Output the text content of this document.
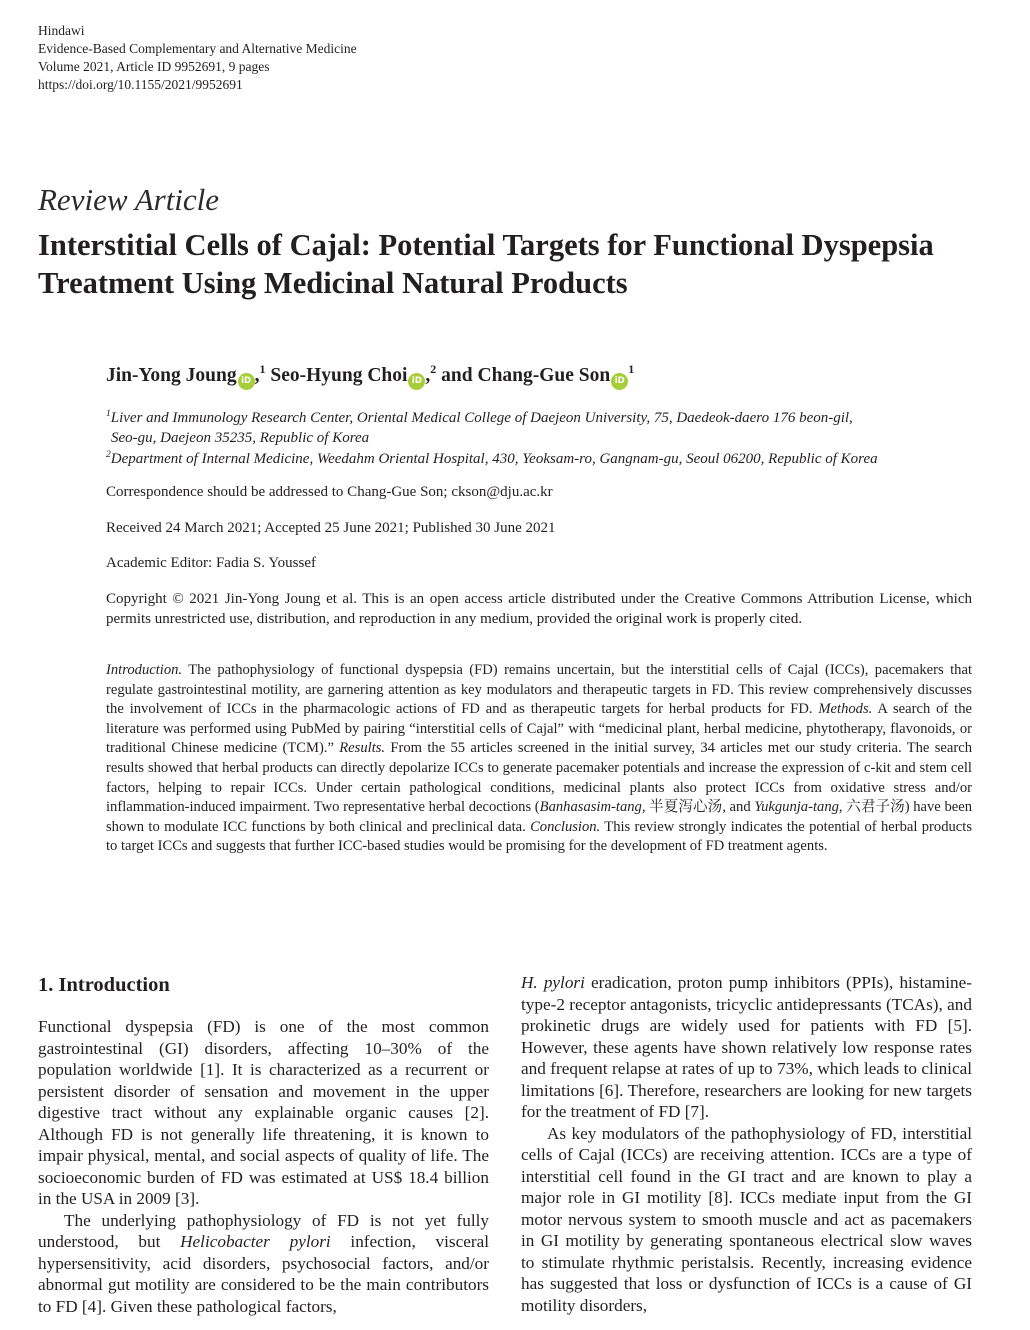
Hindawi
Evidence-Based Complementary and Alternative Medicine
Volume 2021, Article ID 9952691, 9 pages
https://doi.org/10.1155/2021/9952691
Review Article
Interstitial Cells of Cajal: Potential Targets for Functional Dyspepsia Treatment Using Medicinal Natural Products
Jin-Yong Joung iD ,$^1$ Seo-Hyung Choi iD ,$^2$ and Chang-Gue Son $iD^1$
$^1$Liver and Immunology Research Center, Oriental Medical College of Daejeon University, 75, Daedeok-daero 176 beon-gil,
Seo-gu, Daejeon 35235, Republic of Korea
$^2$Department of Internal Medicine, Weedahm Oriental Hospital, 430, Yeoksam-ro, Gangnam-gu, Seoul 06200, Republic of Korea
Correspondence should be addressed to Chang-Gue Son; ckson@dju.ac.kr
Received 24 March 2021; Accepted 25 June 2021; Published 30 June 2021
Academic Editor: Fadia S. Youssef
Copyright © 2021 Jin-Yong Joung et al. This is an open access article distributed under the Creative Commons Attribution License, which permits unrestricted use, distribution, and reproduction in any medium, provided the original work is properly cited.
Introduction. The pathophysiology of functional dyspepsia (FD) remains uncertain, but the interstitial cells of Cajal (ICCs), pacemakers that regulate gastrointestinal motility, are garnering attention as key modulators and therapeutic targets in FD. This review comprehensively discusses the involvement of ICCs in the pharmacologic actions of FD and as therapeutic targets for herbal products for FD. Methods. A search of the literature was performed using PubMed by pairing “interstitial cells of Cajal” with “medicinal plant, herbal medicine, phytotherapy, flavonoids, or traditional Chinese medicine (TCM).” Results. From the 55 articles screened in the initial survey, 34 articles met our study criteria. The search results showed that herbal products can directly depolarize ICCs to generate pacemaker potentials and increase the expression of c-kit and stem cell factors, helping to repair ICCs. Under certain pathological conditions, medicinal plants also protect ICCs from oxidative stress and/or inflammation-induced impairment. Two representative herbal decoctions (Banhasasim-tang, 半夏泻心汤, and Yukgunja-tang, 六君子汤) have been shown to modulate ICC functions by both clinical and preclinical data. Conclusion. This review strongly indicates the potential of herbal products to target ICCs and suggests that further ICC-based studies would be promising for the development of FD treatment agents.
1. Introduction

Functional dyspepsia (FD) is one of the most common gastrointestinal (GI) disorders, affecting 10–30% of the population worldwide [1]. It is characterized as a recurrent or persistent disorder of sensation and movement in the upper digestive tract without any explainable organic causes [2]. Although FD is not generally life threatening, it is known to impair physical, mental, and social aspects of quality of life. The socioeconomic burden of FD was estimated at US$ 18.4 billion in the USA in 2009 [3].

The underlying pathophysiology of FD is not yet fully understood, but Helicobacter pylori infection, visceral hypersensitivity, acid disorders, psychosocial factors, and/or abnormal gut motility are considered to be the main contributors to FD [4]. Given these pathological factors,

H. pylori eradication, proton pump inhibitors (PPIs), histamine-type-2 receptor antagonists, tricyclic antidepressants (TCAs), and prokinetic drugs are widely used for patients with FD [5]. However, these agents have shown relatively low response rates and frequent relapse at rates of up to 73%, which leads to clinical limitations [6]. Therefore, researchers are looking for new targets for the treatment of FD [7].

As key modulators of the pathophysiology of FD, interstitial cells of Cajal (ICCs) are receiving attention. ICCs are a type of interstitial cell found in the GI tract and are known to play a major role in GI motility [8]. ICCs mediate input from the GI motor nervous system to smooth muscle and act as pacemakers in GI motility by generating spontaneous electrical slow waves to stimulate rhythmic peristalsis. Recently, increasing evidence has suggested that loss or dysfunction of ICCs is a cause of GI motility disorders,
